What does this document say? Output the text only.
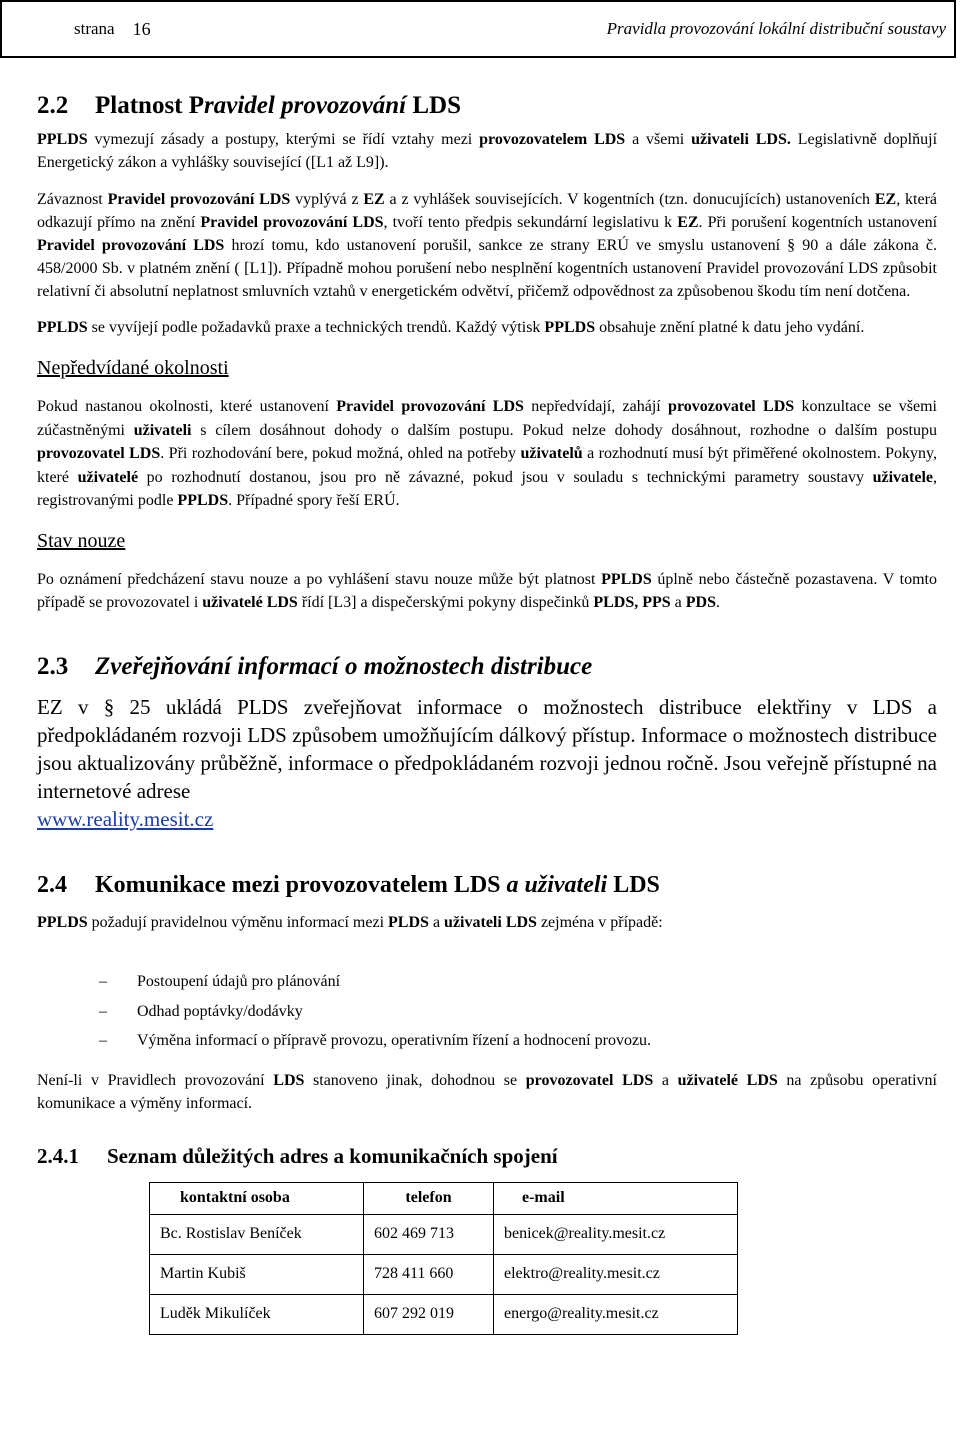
strana 16	Pravidla provozování lokální distribuční soustavy
2.2 Platnost Pravidel provozování LDS

PPLDS vymezují zásady a postupy, kterými se řídí vztahy mezi provozovatelem LDS a všemi uživateli LDS. Legislativně doplňují Energetický zákon a vyhlášky související ([L1 až L9]).

Závaznost Pravidel provozování LDS vyplývá z EZ a z vyhlášek souvisejících. V kogentních (tzn. donucujících) ustanoveních EZ, která odkazují přímo na znění Pravidel provozování LDS, tvoří tento předpis sekundární legislativu k EZ. Při porušení kogentních ustanovení Pravidel provozování LDS hrozí tomu, kdo ustanovení porušil, sankce ze strany ERÚ ve smyslu ustanovení § 90 a dále zákona č. 458/2000 Sb. v platném znění ( [L1]). Případně mohou porušení nebo nesplnění kogentních ustanovení Pravidel provozování LDS způsobit relativní či absolutní neplatnost smluvních vztahů v energetickém odvětví, přičemž odpovědnost za způsobenou škodu tím není dotčena.

PPLDS se vyvíjejí podle požadavků praxe a technických trendů. Každý výtisk PPLDS obsahuje znění platné k datu jeho vydání.

Nepředvídané okolnosti

Pokud nastanou okolnosti, které ustanovení Pravidel provozování LDS nepředvídají, zahájí provozovatel LDS konzultace se všemi zúčastněnými uživateli s cílem dosáhnout dohody o dalším postupu. Pokud nelze dohody dosáhnout, rozhodne o dalším postupu provozovatel LDS. Při rozhodování bere, pokud možná, ohled na potřeby uživatelů a rozhodnutí musí být přiměřené okolnostem. Pokyny, které uživatelé po rozhodnutí dostanou, jsou pro ně závazné, pokud jsou v souladu s technickými parametry soustavy uživatele, registrovanými podle PPLDS. Případné spory řeší ERÚ.

Stav nouze

Po oznámení předcházení stavu nouze a po vyhlášení stavu nouze může být platnost PPLDS úplně nebo částečně pozastavena. V tomto případě se provozovatel i uživatelé LDS řídí [L3] a dispečerskými pokyny dispečinků PLDS, PPS a PDS.

2.3 Zveřejňování informací o možnostech distribuce

EZ v § 25 ukládá PLDS zveřejňovat informace o možnostech distribuce elektřiny v LDS a předpokládaném rozvoji LDS způsobem umožňujícím dálkový přístup. Informace o možnostech distribuce jsou aktualizovány průběžně, informace o předpokládaném rozvoji jednou ročně. Jsou veřejně přístupné na internetové adrese
www.reality.mesit.cz

2.4 Komunikace mezi provozovatelem LDS a uživateli LDS

PPLDS požadují pravidelnou výměnu informací mezi PLDS a uživateli LDS zejména v případě:

– Postoupení údajů pro plánování
– Odhad poptávky/dodávky
– Výměna informací o přípravě provozu, operativním řízení a hodnocení provozu.

Není-li v Pravidlech provozování LDS stanoveno jinak, dohodnou se provozovatel LDS a uživatelé LDS na způsobu operativní komunikace a výměny informací.

2.4.1 Seznam důležitých adres a komunikačních spojení
kontaktní osoba	telefon	e-mail
Bc. Rostislav Beníček	602 469 713	benicek@reality.mesit.cz
Martin Kubiš	728 411 660	elektro@reality.mesit.cz
Luděk Mikulíček	607 292 019	energo@reality.mesit.cz
